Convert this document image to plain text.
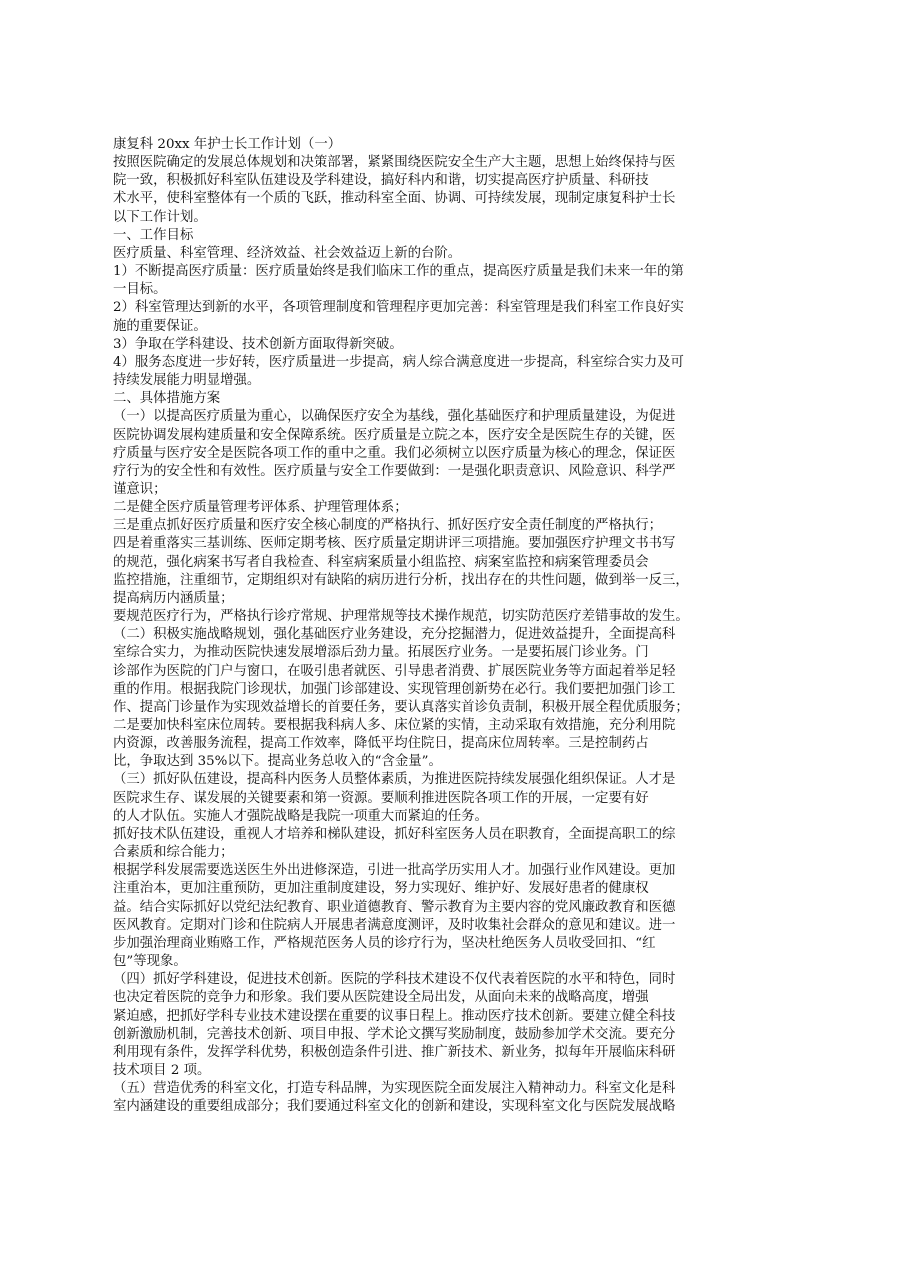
康复科 20xx 年护士长工作计划（一）
按照医院确定的发展总体规划和决策部署，紧紧围绕医院安全生产大主题，思想上始终保持与医
院一致，积极抓好科室队伍建设及学科建设，搞好科内和谐，切实提高医疗护质量、科研技
术水平，使科室整体有一个质的飞跃，推动科室全面、协调、可持续发展，现制定康复科护士长
以下工作计划。
一、工作目标
医疗质量、科室管理、经济效益、社会效益迈上新的台阶。
1）不断提高医疗质量：医疗质量始终是我们临床工作的重点，提高医疗质量是我们未来一年的第
一目标。
2）科室管理达到新的水平，各项管理制度和管理程序更加完善：科室管理是我们科室工作良好实
施的重要保证。
3）争取在学科建设、技术创新方面取得新突破。
4）服务态度进一步好转，医疗质量进一步提高，病人综合满意度进一步提高，科室综合实力及可
持续发展能力明显增强。
二、具体措施方案
（一）以提高医疗质量为重心，以确保医疗安全为基线，强化基础医疗和护理质量建设，为促进
医院协调发展构建质量和安全保障系统。医疗质量是立院之本，医疗安全是医院生存的关键，医
疗质量与医疗安全是医院各项工作的重中之重。我们必须树立以医疗质量为核心的理念，保证医
疗行为的安全性和有效性。医疗质量与安全工作要做到：一是强化职责意识、风险意识、科学严
谨意识；
二是健全医疗质量管理考评体系、护理管理体系；
三是重点抓好医疗质量和医疗安全核心制度的严格执行、抓好医疗安全责任制度的严格执行；
四是着重落实三基训练、医师定期考核、医疗质量定期讲评三项措施。要加强医疗护理文书书写
的规范，强化病案书写者自我检查、科室病案质量小组监控、病案室监控和病案管理委员会
监控措施，注重细节，定期组织对有缺陷的病历进行分析，找出存在的共性问题，做到举一反三，
提高病历内涵质量；
要规范医疗行为，严格执行诊疗常规、护理常规等技术操作规范，切实防范医疗差错事故的发生。
（二）积极实施战略规划，强化基础医疗业务建设，充分挖掘潜力，促进效益提升，全面提高科
室综合实力，为推动医院快速发展增添后劲力量。拓展医疗业务。一是要拓展门诊业务。门
诊部作为医院的门户与窗口，在吸引患者就医、引导患者消费、扩展医院业务等方面起着举足轻
重的作用。根据我院门诊现状，加强门诊部建设、实现管理创新势在必行。我们要把加强门诊工
作、提高门诊量作为实现效益增长的首要任务，要认真落实首诊负责制，积极开展全程优质服务；
二是要加快科室床位周转。要根据我科病人多、床位紧的实情，主动采取有效措施，充分利用院
内资源，改善服务流程，提高工作效率，降低平均住院日，提高床位周转率。三是控制药占
比，争取达到 35%以下。提高业务总收入的“含金量”。
（三）抓好队伍建设，提高科内医务人员整体素质，为推进医院持续发展强化组织保证。人才是
医院求生存、谋发展的关键要素和第一资源。要顺利推进医院各项工作的开展，一定要有好
的人才队伍。实施人才强院战略是我院一项重大而紧迫的任务。
抓好技术队伍建设，重视人才培养和梯队建设，抓好科室医务人员在职教育，全面提高职工的综
合素质和综合能力；
根据学科发展需要选送医生外出进修深造，引进一批高学历实用人才。加强行业作风建设。更加
注重治本，更加注重预防，更加注重制度建设，努力实现好、维护好、发展好患者的健康权
益。结合实际抓好以党纪法纪教育、职业道德教育、警示教育为主要内容的党风廉政教育和医德
医风教育。定期对门诊和住院病人开展患者满意度测评，及时收集社会群众的意见和建议。进一
步加强治理商业贿赂工作，严格规范医务人员的诊疗行为，坚决杜绝医务人员收受回扣、“红
包”等现象。
（四）抓好学科建设，促进技术创新。医院的学科技术建设不仅代表着医院的水平和特色，同时
也决定着医院的竞争力和形象。我们要从医院建设全局出发，从面向未来的战略高度，增强
紧迫感，把抓好学科专业技术建设摆在重要的议事日程上。推动医疗技术创新。要建立健全科技
创新激励机制，完善技术创新、项目申报、学术论文撰写奖励制度，鼓励参加学术交流。要充分
利用现有条件，发挥学科优势，积极创造条件引进、推广新技术、新业务，拟每年开展临床科研
技术项目 2 项。
（五）营造优秀的科室文化，打造专科品牌，为实现医院全面发展注入精神动力。科室文化是科
室内涵建设的重要组成部分；我们要通过科室文化的创新和建设，实现科室文化与医院发展战略
